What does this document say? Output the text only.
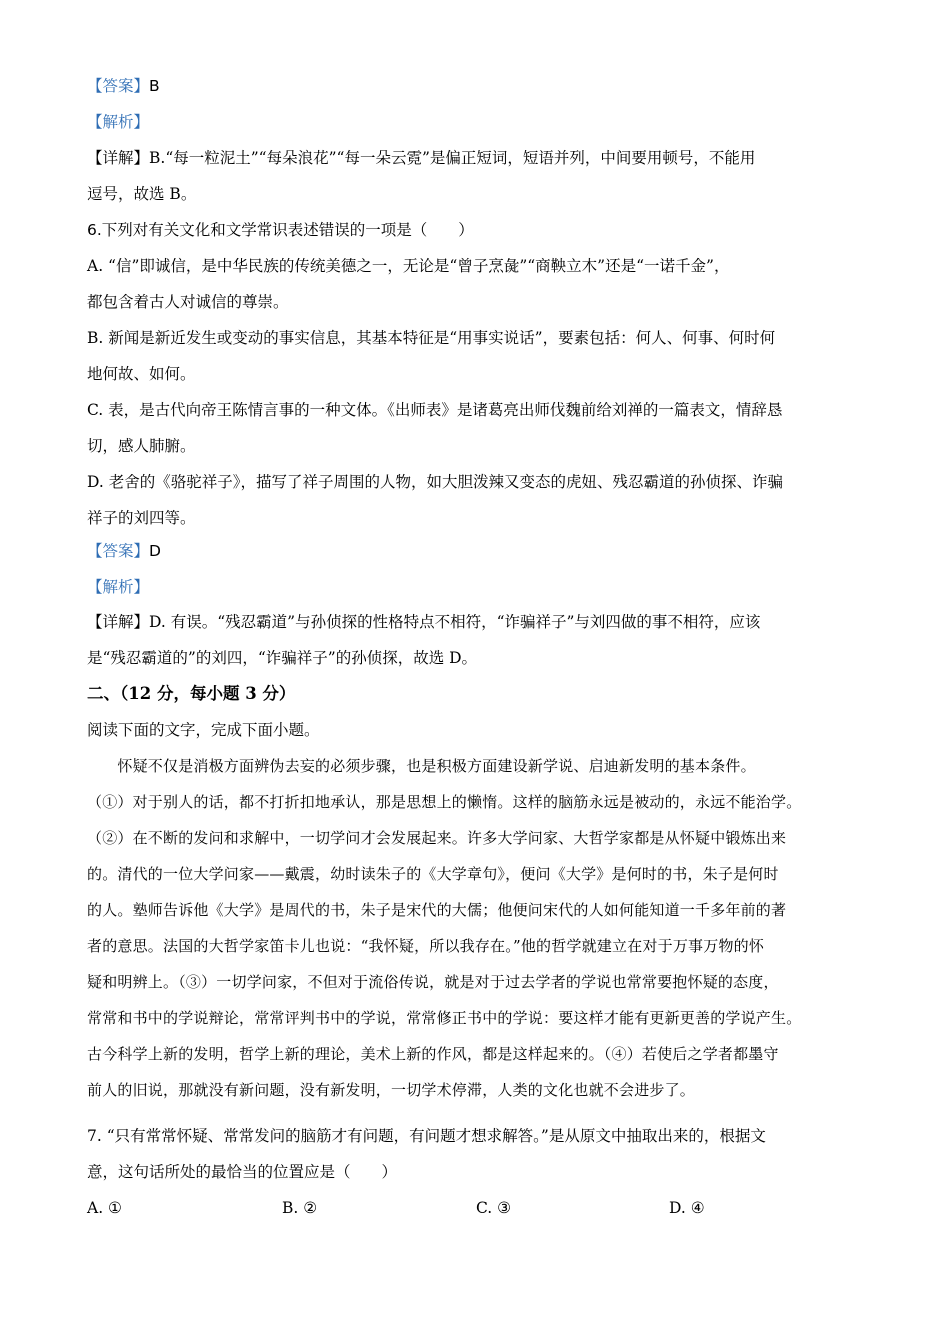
【答案】B
【解析】
【详解】B.“每一粒泥土”“每朵浪花”“每一朵云霓”是偏正短词，短语并列，中间要用顿号，不能用
逗号，故选 B。
6.下列对有关文化和文学常识表述错误的一项是（　　）
A. “信”即诚信，是中华民族的传统美德之一，无论是“曾子烹彘”“商鞅立木”还是“一诺千金”，
都包含着古人对诚信的尊崇。
B. 新闻是新近发生或变动的事实信息，其基本特征是“用事实说话”，要素包括：何人、何事、何时何
地何故、如何。
C. 表，是古代向帝王陈情言事的一种文体。《出师表》是诸葛亮出师伐魏前给刘禅的一篇表文，情辞恳
切，感人肺腑。
D. 老舍的《骆驼祥子》，描写了祥子周围的人物，如大胆泼辣又变态的虎妞、残忍霸道的孙侦探、诈骗
祥子的刘四等。
【答案】D
【解析】
【详解】D. 有误。“残忍霸道”与孙侦探的性格特点不相符，“诈骗祥子”与刘四做的事不相符，应该
是“残忍霸道的”的刘四，“诈骗祥子”的孙侦探，故选 D。
二、（12 分，每小题 3 分）
阅读下面的文字，完成下面小题。
　　怀疑不仅是消极方面辨伪去妄的必须步骤，也是积极方面建设新学说、启迪新发明的基本条件。
（①）对于别人的话，都不打折扣地承认，那是思想上的懒惰。这样的脑筋永远是被动的，永远不能治学。
（②）在不断的发问和求解中，一切学问才会发展起来。许多大学问家、大哲学家都是从怀疑中锻炼出来
的。清代的一位大学问家——戴震，幼时读朱子的《大学章句》，便问《大学》是何时的书，朱子是何时
的人。塾师告诉他《大学》是周代的书，朱子是宋代的大儒；他便问宋代的人如何能知道一千多年前的著
者的意思。法国的大哲学家笛卡儿也说：“我怀疑，所以我存在。”他的哲学就建立在对于万事万物的怀
疑和明辨上。（③）一切学问家，不但对于流俗传说，就是对于过去学者的学说也常常要抱怀疑的态度，
常常和书中的学说辩论，常常评判书中的学说，常常修正书中的学说：要这样才能有更新更善的学说产生。
古今科学上新的发明，哲学上新的理论，美术上新的作风，都是这样起来的。（④）若使后之学者都墨守
前人的旧说，那就没有新问题，没有新发明，一切学术停滞，人类的文化也就不会进步了。
7. “只有常常怀疑、常常发问的脑筋才有问题，有问题才想求解答。”是从原文中抽取出来的，根据文
意，这句话所处的最恰当的位置应是（　　）
A. ①	B. ②	C. ③	D. ④
